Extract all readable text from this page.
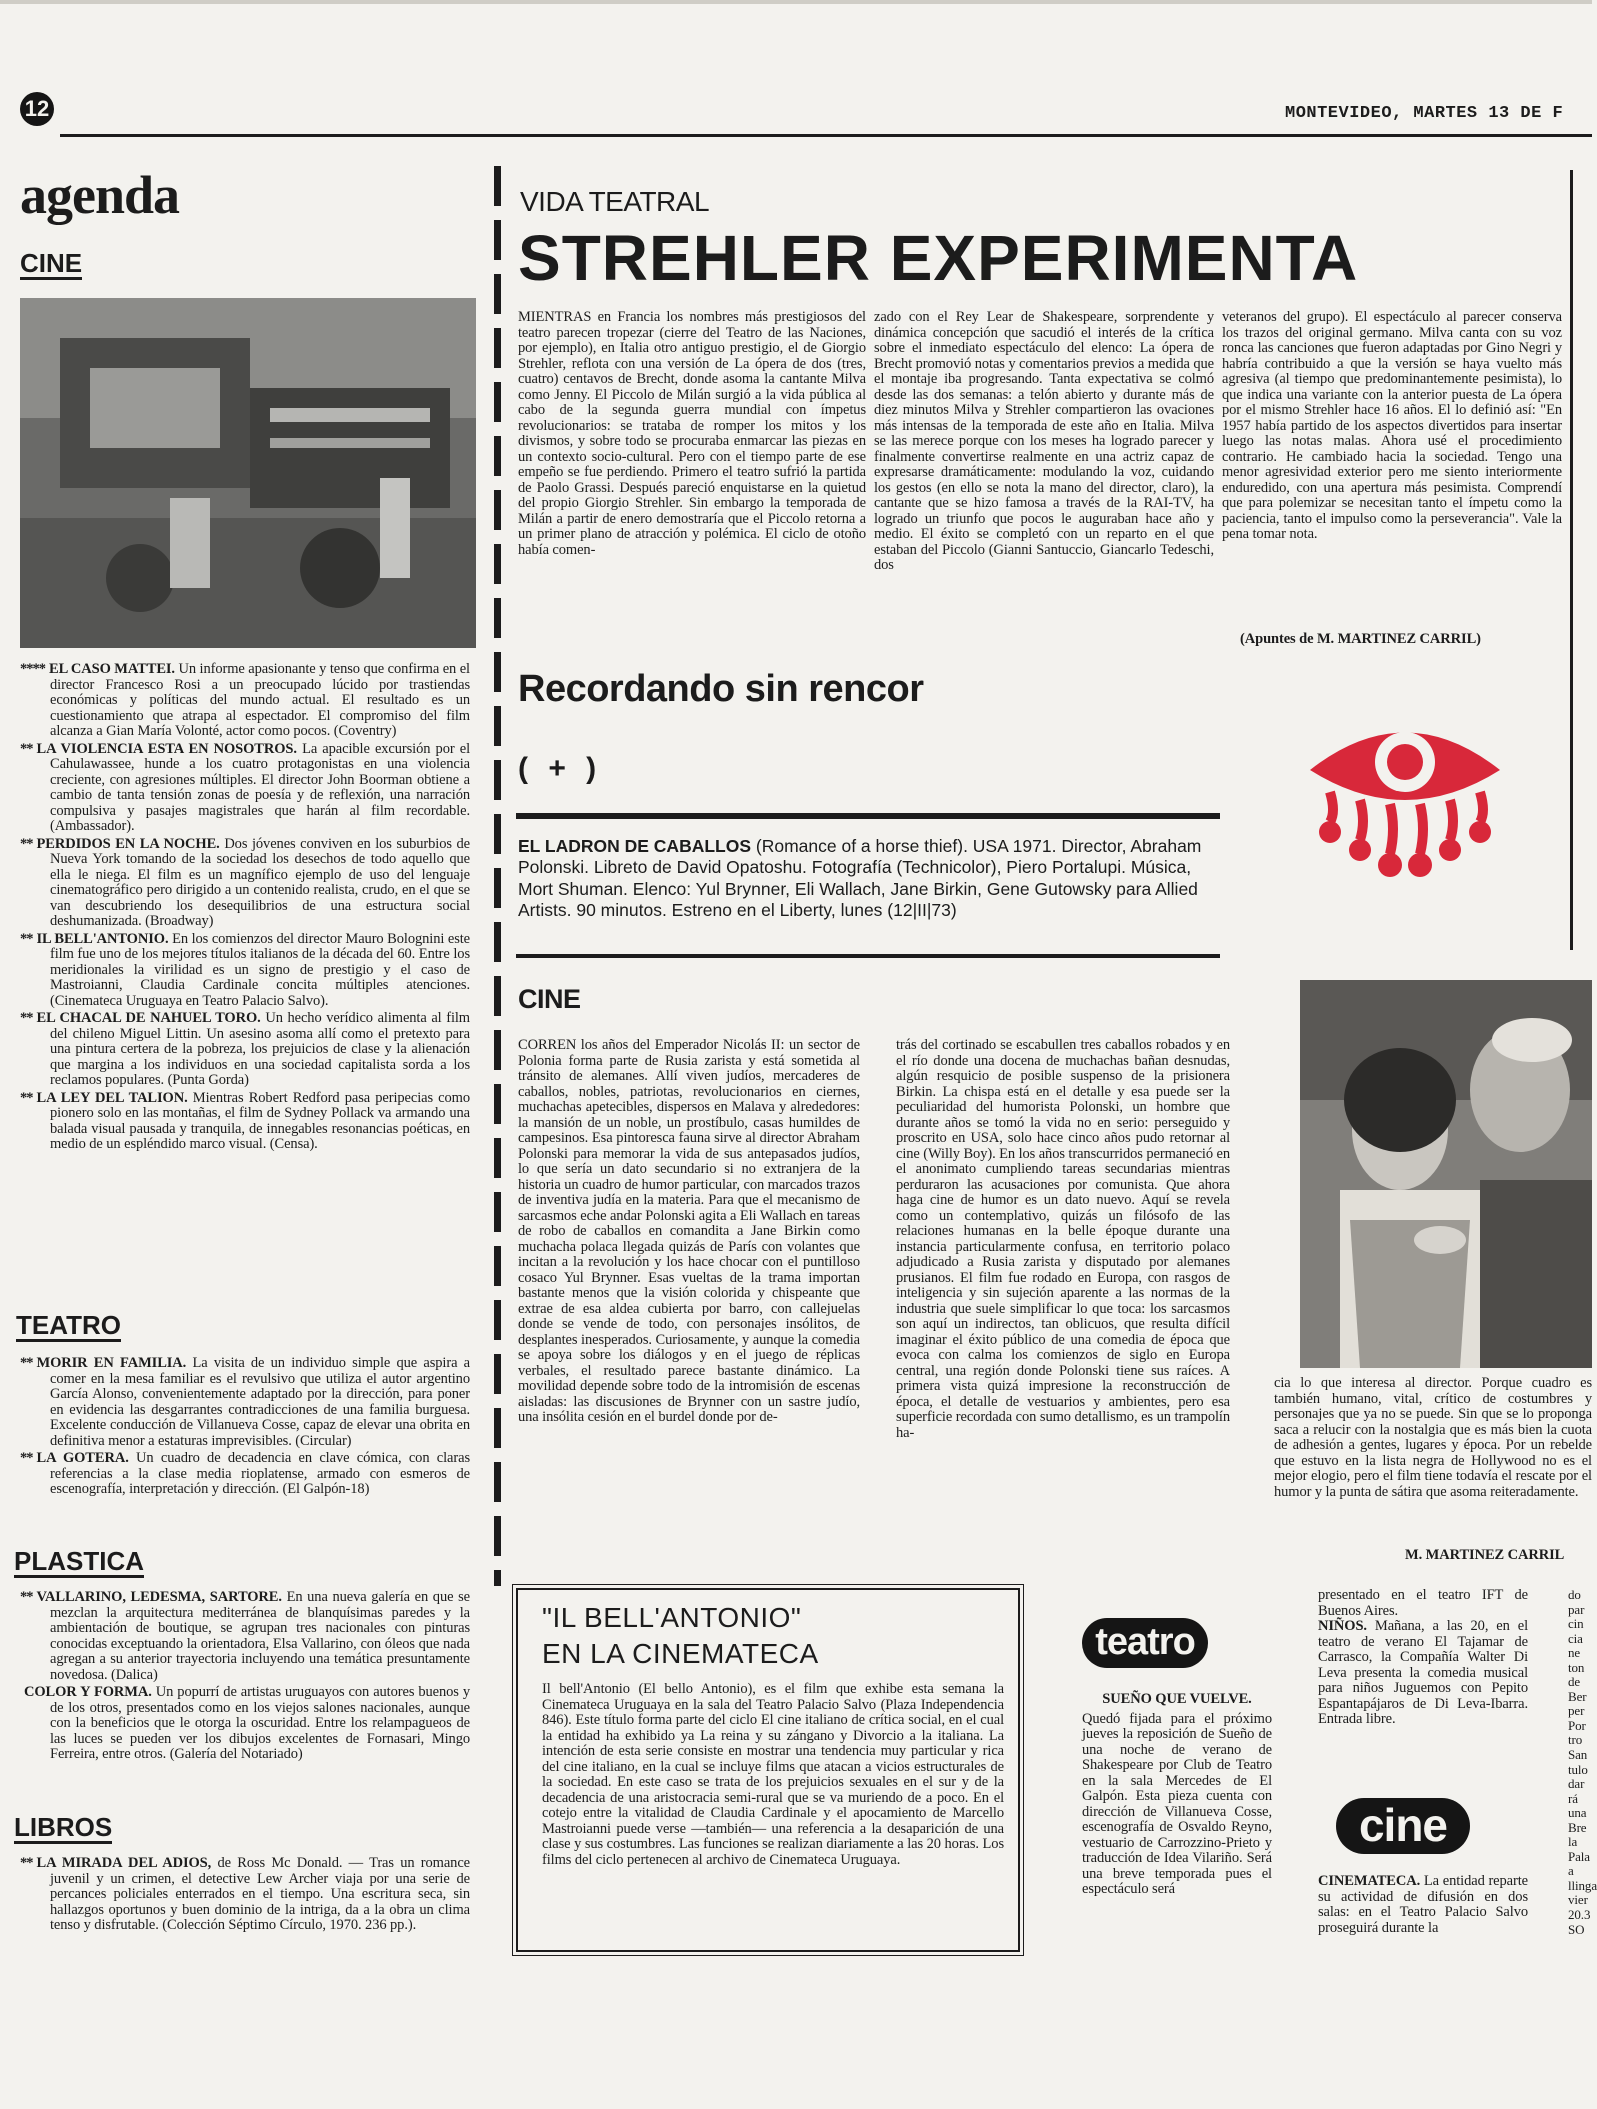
12	MONTEVIDEO, MARTES 13 DE F
agenda
CINE

**** EL CASO MATTEI. Un informe apasionante y tenso que confirma en el director Francesco Rosi a un preocupado lúcido por trastiendas económicas y políticas del mundo actual. El resultado es un cuestionamiento que atrapa al espectador. El compromiso del film alcanza a Gian María Volonté, actor como pocos. (Coventry)

** LA VIOLENCIA ESTA EN NOSOTROS. La apacible excursión por el Cahulawassee, hunde a los cuatro protagonistas en una violencia creciente, con agresiones múltiples. El director John Boorman obtiene a cambio de tanta tensión zonas de poesía y de reflexión, una narración compulsiva y pasajes magistrales que harán al film recordable. (Ambassador).

** PERDIDOS EN LA NOCHE. Dos jóvenes conviven en los suburbios de Nueva York tomando de la sociedad los desechos de todo aquello que ella le niega. El film es un magnífico ejemplo de uso del lenguaje cinematográfico pero dirigido a un contenido realista, crudo, en el que se van descubriendo los desequilibrios de una estructura social deshumanizada. (Broadway)

** IL BELL'ANTONIO. En los comienzos del director Mauro Bolognini este film fue uno de los mejores títulos italianos de la década del 60. Entre los meridionales la virilidad es un signo de prestigio y el caso de Mastroianni, Claudia Cardinale concita múltiples atenciones. (Cinemateca Uruguaya en Teatro Palacio Salvo).

** EL CHACAL DE NAHUEL TORO. Un hecho verídico alimenta al film del chileno Miguel Littin. Un asesino asoma allí como el pretexto para una pintura certera de la pobreza, los prejuicios de clase y la alienación que margina a los individuos en una sociedad capitalista sorda a los reclamos populares. (Punta Gorda)

** LA LEY DEL TALION. Mientras Robert Redford pasa peripecias como pionero solo en las montañas, el film de Sydney Pollack va armando una balada visual pausada y tranquila, de innegables resonancias poéticas, en medio de un espléndido marco visual. (Censa).

TEATRO

** MORIR EN FAMILIA. La visita de un individuo simple que aspira a comer en la mesa familiar es el revulsivo que utiliza el autor argentino García Alonso, convenientemente adaptado por la dirección, para poner en evidencia las desgarrantes contradicciones de una familia burguesa. Excelente conducción de Villanueva Cosse, capaz de elevar una obrita en definitiva menor a estaturas imprevisibles. (Circular)

** LA GOTERA. Un cuadro de decadencia en clave cómica, con claras referencias a la clase media rioplatense, armado con esmeros de escenografía, interpretación y dirección. (El Galpón-18)

PLASTICA

** VALLARINO, LEDESMA, SARTORE. En una nueva galería en que se mezclan la arquitectura mediterránea de blanquísimas paredes y la ambientación de boutique, se agrupan tres nacionales con pinturas conocidas exceptuando la orientadora, Elsa Vallarino, con óleos que nada agregan a su anterior trayectoria incluyendo una temática presuntamente novedosa. (Dalica)

COLOR Y FORMA. Un popurrí de artistas uruguayos con autores buenos y de los otros, presentados como en los viejos salones nacionales, aunque con la beneficios que le otorga la oscuridad. Entre los relampagueos de las luces se pueden ver los dibujos excelentes de Fornasari, Mingo Ferreira, entre otros. (Galería del Notariado)

LIBROS

** LA MIRADA DEL ADIOS, de Ross Mc Donald. — Tras un romance juvenil y un crimen, el detective Lew Archer viaja por una serie de percances policiales enterrados en el tiempo. Una escritura seca, sin hallazgos oportunos y buen dominio de la intriga, da a la obra un clima tenso y disfrutable. (Colección Séptimo Círculo, 1970. 236 pp.).

VIDA TEATRAL
STREHLER EXPERIMENTA
MIENTRAS en Francia los nombres más prestigiosos del teatro parecen tropezar (cierre del Teatro de las Naciones, por ejemplo), en Italia otro antiguo prestigio, el de Giorgio Strehler, reflota con una versión de La ópera de dos (tres, cuatro) centavos de Brecht, donde asoma la cantante Milva como Jenny. El Piccolo de Milán surgió a la vida pública al cabo de la segunda guerra mundial con ímpetus revolucionarios: se trataba de romper los mitos y los divismos, y sobre todo se procuraba enmarcar las piezas en un contexto socio-cultural. Pero con el tiempo parte de ese empeño se fue perdiendo. Primero el teatro sufrió la partida de Paolo Grassi. Después pareció enquistarse en la quietud del propio Giorgio Strehler. Sin embargo la temporada de Milán a partir de enero demostraría que el Piccolo retorna a un primer plano de atracción y polémica. El ciclo de otoño había comen-
zado con el Rey Lear de Shakespeare, sorprendente y dinámica concepción que sacudió el interés de la crítica sobre el inmediato espectáculo del elenco: La ópera de Brecht promovió notas y comentarios previos a medida que el montaje iba progresando. Tanta expectativa se colmó desde las dos semanas: a telón abierto y durante más de diez minutos Milva y Strehler compartieron las ovaciones más intensas de la temporada de este año en Italia. Milva se las merece porque con los meses ha logrado parecer y finalmente convertirse realmente en una actriz capaz de expresarse dramáticamente: modulando la voz, cuidando los gestos (en ello se nota la mano del director, claro), la cantante que se hizo famosa a través de la RAI-TV, ha logrado un triunfo que pocos le auguraban hace año y medio. El éxito se completó con un reparto en el que estaban del Piccolo (Gianni Santuccio, Giancarlo Tedeschi, dos
veteranos del grupo). El espectáculo al parecer conserva los trazos del original germano. Milva canta con su voz ronca las canciones que fueron adaptadas por Gino Negri y habría contribuido a que la versión se haya vuelto más agresiva (al tiempo que predominantemente pesimista), lo que indica una variante con la anterior puesta de La ópera por el mismo Strehler hace 16 años. El lo definió así: "En 1957 había partido de los aspectos divertidos para insertar luego las notas malas. Ahora usé el procedimiento contrario. He cambiado hacia la sociedad. Tengo una menor agresividad exterior pero me siento interiormente enduredido, con una apertura más pesimista. Comprendí que para polemizar se necesitan tanto el ímpetu como la paciencia, tanto el impulso como la perseverancia". Vale la pena tomar nota.
(Apuntes de M. MARTINEZ CARRIL)
Recordando sin rencor
( + )
EL LADRON DE CABALLOS (Romance of a horse thief). USA 1971. Director, Abraham Polonski. Libreto de David Opatoshu. Fotografía (Technicolor), Piero Portalupi. Música, Mort Shuman. Elenco: Yul Brynner, Eli Wallach, Jane Birkin, Gene Gutowsky para Allied Artists. 90 minutos. Estreno en el Liberty, lunes (12|II|73)
CINE
CORREN los años del Emperador Nicolás II: un sector de Polonia forma parte de Rusia zarista y está sometida al tránsito de alemanes. Allí viven judíos, mercaderes de caballos, nobles, patriotas, revolucionarios en ciernes, muchachas apetecibles, dispersos en Malava y alrededores: la mansión de un noble, un prostíbulo, casas humildes de campesinos. Esa pintoresca fauna sirve al director Abraham Polonski para memorar la vida de sus antepasados judíos, lo que sería un dato secundario si no extranjera de la historia un cuadro de humor particular, con marcados trazos de inventiva judía en la materia. Para que el mecanismo de sarcasmos eche andar Polonski agita a Eli Wallach en tareas de robo de caballos en comandita a Jane Birkin como muchacha polaca llegada quizás de París con volantes que incitan a la revolución y los hace chocar con el puntilloso cosaco Yul Brynner. Esas vueltas de la trama importan bastante menos que la visión colorida y chispeante que extrae de esa aldea cubierta por barro, con callejuelas donde se vende de todo, con personajes insólitos, de desplantes inesperados. Curiosamente, y aunque la comedia se apoya sobre los diálogos y en el juego de réplicas verbales, el resultado parece bastante dinámico. La movilidad depende sobre todo de la intromisión de escenas aisladas: las discusiones de Brynner con un sastre judío, una insólita cesión en el burdel donde por de-
trás del cortinado se escabullen tres caballos robados y en el río donde una docena de muchachas bañan desnudas, algún resquicio de posible suspenso de la prisionera Birkin. La chispa está en el detalle y esa puede ser la peculiaridad del humorista Polonski, un hombre que durante años se tomó la vida no en serio: perseguido y proscrito en USA, solo hace cinco años pudo retornar al cine (Willy Boy). En los años transcurridos permaneció en el anonimato cumpliendo tareas secundarias mientras perduraron las acusaciones por comunista. Que ahora haga cine de humor es un dato nuevo. Aquí se revela como un contemplativo, quizás un filósofo de las relaciones humanas en la belle époque durante una instancia particularmente confusa, en territorio polaco adjudicado a Rusia zarista y disputado por alemanes prusianos. El film fue rodado en Europa, con rasgos de inteligencia y sin sujeción aparente a las normas de la industria que suele simplificar lo que toca: los sarcasmos son aquí un indirectos, tan oblicuos, que resulta difícil imaginar el éxito público de una comedia de época que evoca con calma los comienzos de siglo en Europa central, una región donde Polonski tiene sus raíces. A primera vista quizá impresione la reconstrucción de época, el detalle de vestuarios y ambientes, pero esa superficie recordada con sumo detallismo, es un trampolín ha-
cia lo que interesa al director. Porque cuadro es también humano, vital, crítico de costumbres y personajes que ya no se puede. Sin que se lo proponga saca a relucir con la nostalgia que es más bien la cuota de adhesión a gentes, lugares y época. Por un rebelde que estuvo en la lista negra de Hollywood no es el mejor elogio, pero el film tiene todavía el rescate por el humor y la punta de sátira que asoma reiteradamente.
M. MARTINEZ CARRIL
"IL BELL'ANTONIO"
EN LA CINEMATECA
Il bell'Antonio (El bello Antonio), es el film que exhibe esta semana la Cinemateca Uruguaya en la sala del Teatro Palacio Salvo (Plaza Independencia 846). Este título forma parte del ciclo El cine italiano de crítica social, en el cual la entidad ha exhibido ya La reina y su zángano y Divorcio a la italiana. La intención de esta serie consiste en mostrar una tendencia muy particular y rica del cine italiano, en la cual se incluye films que atacan a vicios estructurales de la sociedad. En este caso se trata de los prejuicios sexuales en el sur y de la decadencia de una aristocracia semi-rural que se va muriendo de a poco. En el cotejo entre la vitalidad de Claudia Cardinale y el apocamiento de Marcello Mastroianni puede verse —también— una referencia a la desaparición de una clase y sus costumbres. Las funciones se realizan diariamente a las 20 horas. Los films del ciclo pertenecen al archivo de Cinemateca Uruguaya.
teatro
SUEÑO QUE VUELVE.
Quedó fijada para el próximo jueves la reposición de Sueño de una noche de verano de Shakespeare por Club de Teatro en la sala Mercedes de El Galpón. Esta pieza cuenta con dirección de Villanueva Cosse, escenografía de Osvaldo Reyno, vestuario de Carrozzino-Prieto y traducción de Idea Vilariño. Será una breve temporada pues el espectáculo será
presentado en el teatro IFT de Buenos Aires.
NIÑOS. Mañana, a las 20, en el teatro de verano El Tajamar de Carrasco, la Compañía Walter Di Leva presenta la comedia musical para niños Juguemos con Pepito Espantapájaros de Di Leva-Ibarra. Entrada libre.
cine
CINEMATECA. La entidad reparte su actividad de difusión en dos salas: en el Teatro Palacio Salvo proseguirá durante la
do
par
cin
cia
ne
ton
de
Ber
per
Por
tro
San
tulo
dar
rá
una
Bre
la
Pala
a
llinga
vier
20.3
SO
